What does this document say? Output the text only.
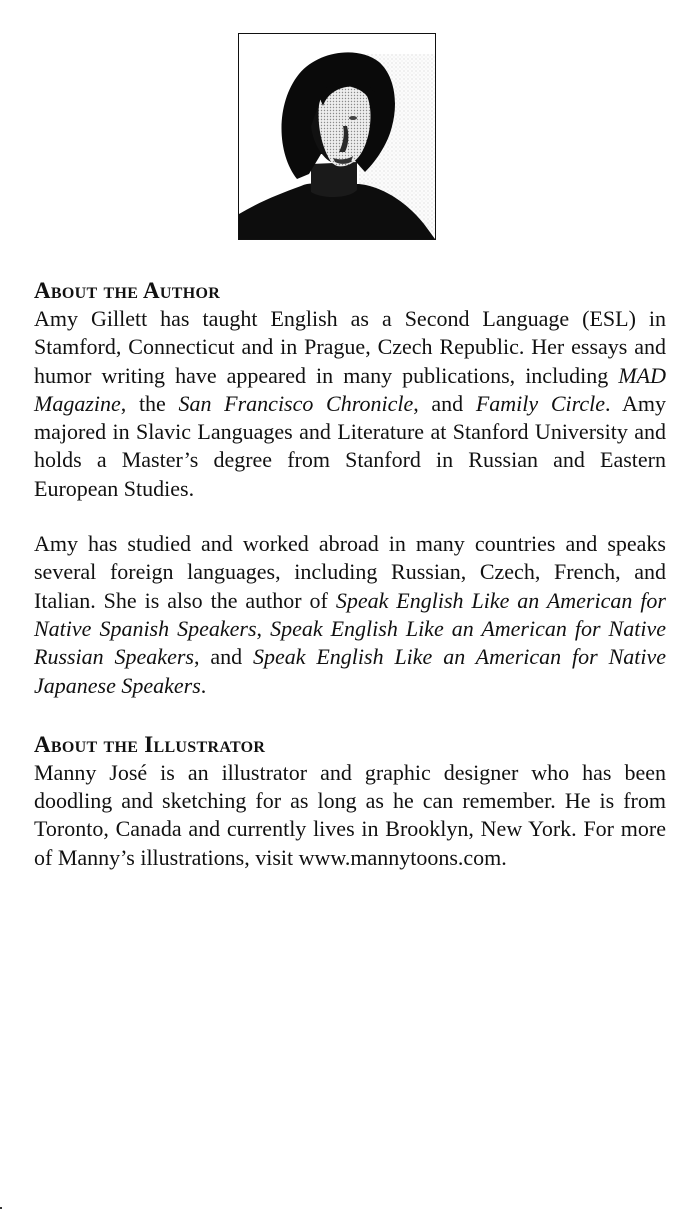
About the Author

Amy Gillett has taught English as a Second Language (ESL) in Stamford, Connecticut and in Prague, Czech Republic. Her essays and humor writing have appeared in many publications, including MAD Magazine, the San Francisco Chronicle, and Family Circle. Amy majored in Slavic Languages and Literature at Stanford University and holds a Master’s degree from Stanford in Russian and Eastern European Studies.

Amy has studied and worked abroad in many countries and speaks several foreign languages, including Russian, Czech, French, and Italian. She is also the author of Speak English Like an American for Native Spanish Speakers, Speak English Like an American for Native Russian Speakers, and Speak English Like an American for Native Japanese Speakers.

About the Illustrator

Manny José is an illustrator and graphic designer who has been doodling and sketching for as long as he can remember. He is from Toronto, Canada and currently lives in Brooklyn, New York. For more of Manny’s illustrations, visit www.mannytoons.com.
